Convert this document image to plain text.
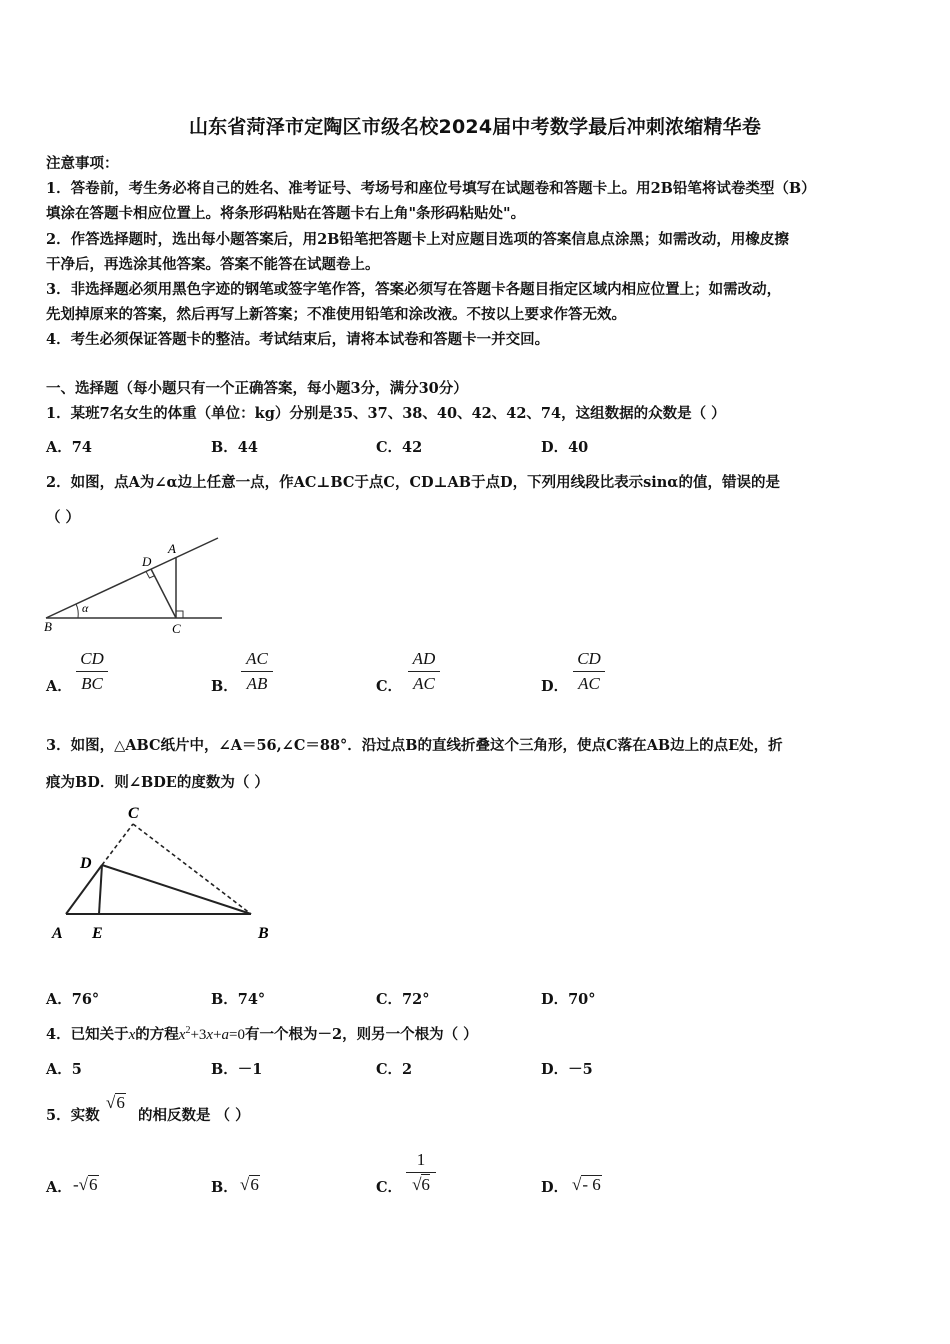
山东省菏泽市定陶区市级名校2024届中考数学最后冲刺浓缩精华卷
注意事项：
1．答卷前，考生务必将自己的姓名、准考证号、考场号和座位号填写在试题卷和答题卡上。用2B铅笔将试卷类型（B）
填涂在答题卡相应位置上。将条形码粘贴在答题卡右上角"条形码粘贴处"。
2．作答选择题时，选出每小题答案后，用2B铅笔把答题卡上对应题目选项的答案信息点涂黑；如需改动，用橡皮擦
干净后，再选涂其他答案。答案不能答在试题卷上。
3．非选择题必须用黑色字迹的钢笔或签字笔作答，答案必须写在答题卡各题目指定区域内相应位置上；如需改动，
先划掉原来的答案，然后再写上新答案；不准使用铅笔和涂改液。不按以上要求作答无效。
4．考生必须保证答题卡的整洁。考试结束后，请将本试卷和答题卡一并交回。
一、选择题（每小题只有一个正确答案，每小题3分，满分30分）
1．某班7名女生的体重（单位：kg）分别是35、37、38、40、42、42、74，这组数据的众数是（ ）
A．74	B．44	C．42	D．40
2．如图，点A为∠α边上任意一点，作AC⊥BC于点C，CD⊥AB于点D，下列用线段比表示sinα的值，错误的是
（ ）
α
B	C
D
A
A．
CD
BC	B．
AC
AB	C．
AD
AC	D．
CD
AC
3．如图，△ABC纸片中，∠A＝56,∠C＝88°．沿过点B的直线折叠这个三角形，使点C落在AB边上的点E处，折
痕为BD．则∠BDE的度数为（ ）
C
D
A E	B
A．76°	B．74°	C．72°	D．70°
4．已知关于x的方程$x^2+3x+a=0$有一个根为－2，则另一个根为（ ）
A．5	B．－1	C．2	D．－5
5．实数
√6
的相反数是 （ ）
A． -√6	B． √6	C．
1
√6	D． √- 6
